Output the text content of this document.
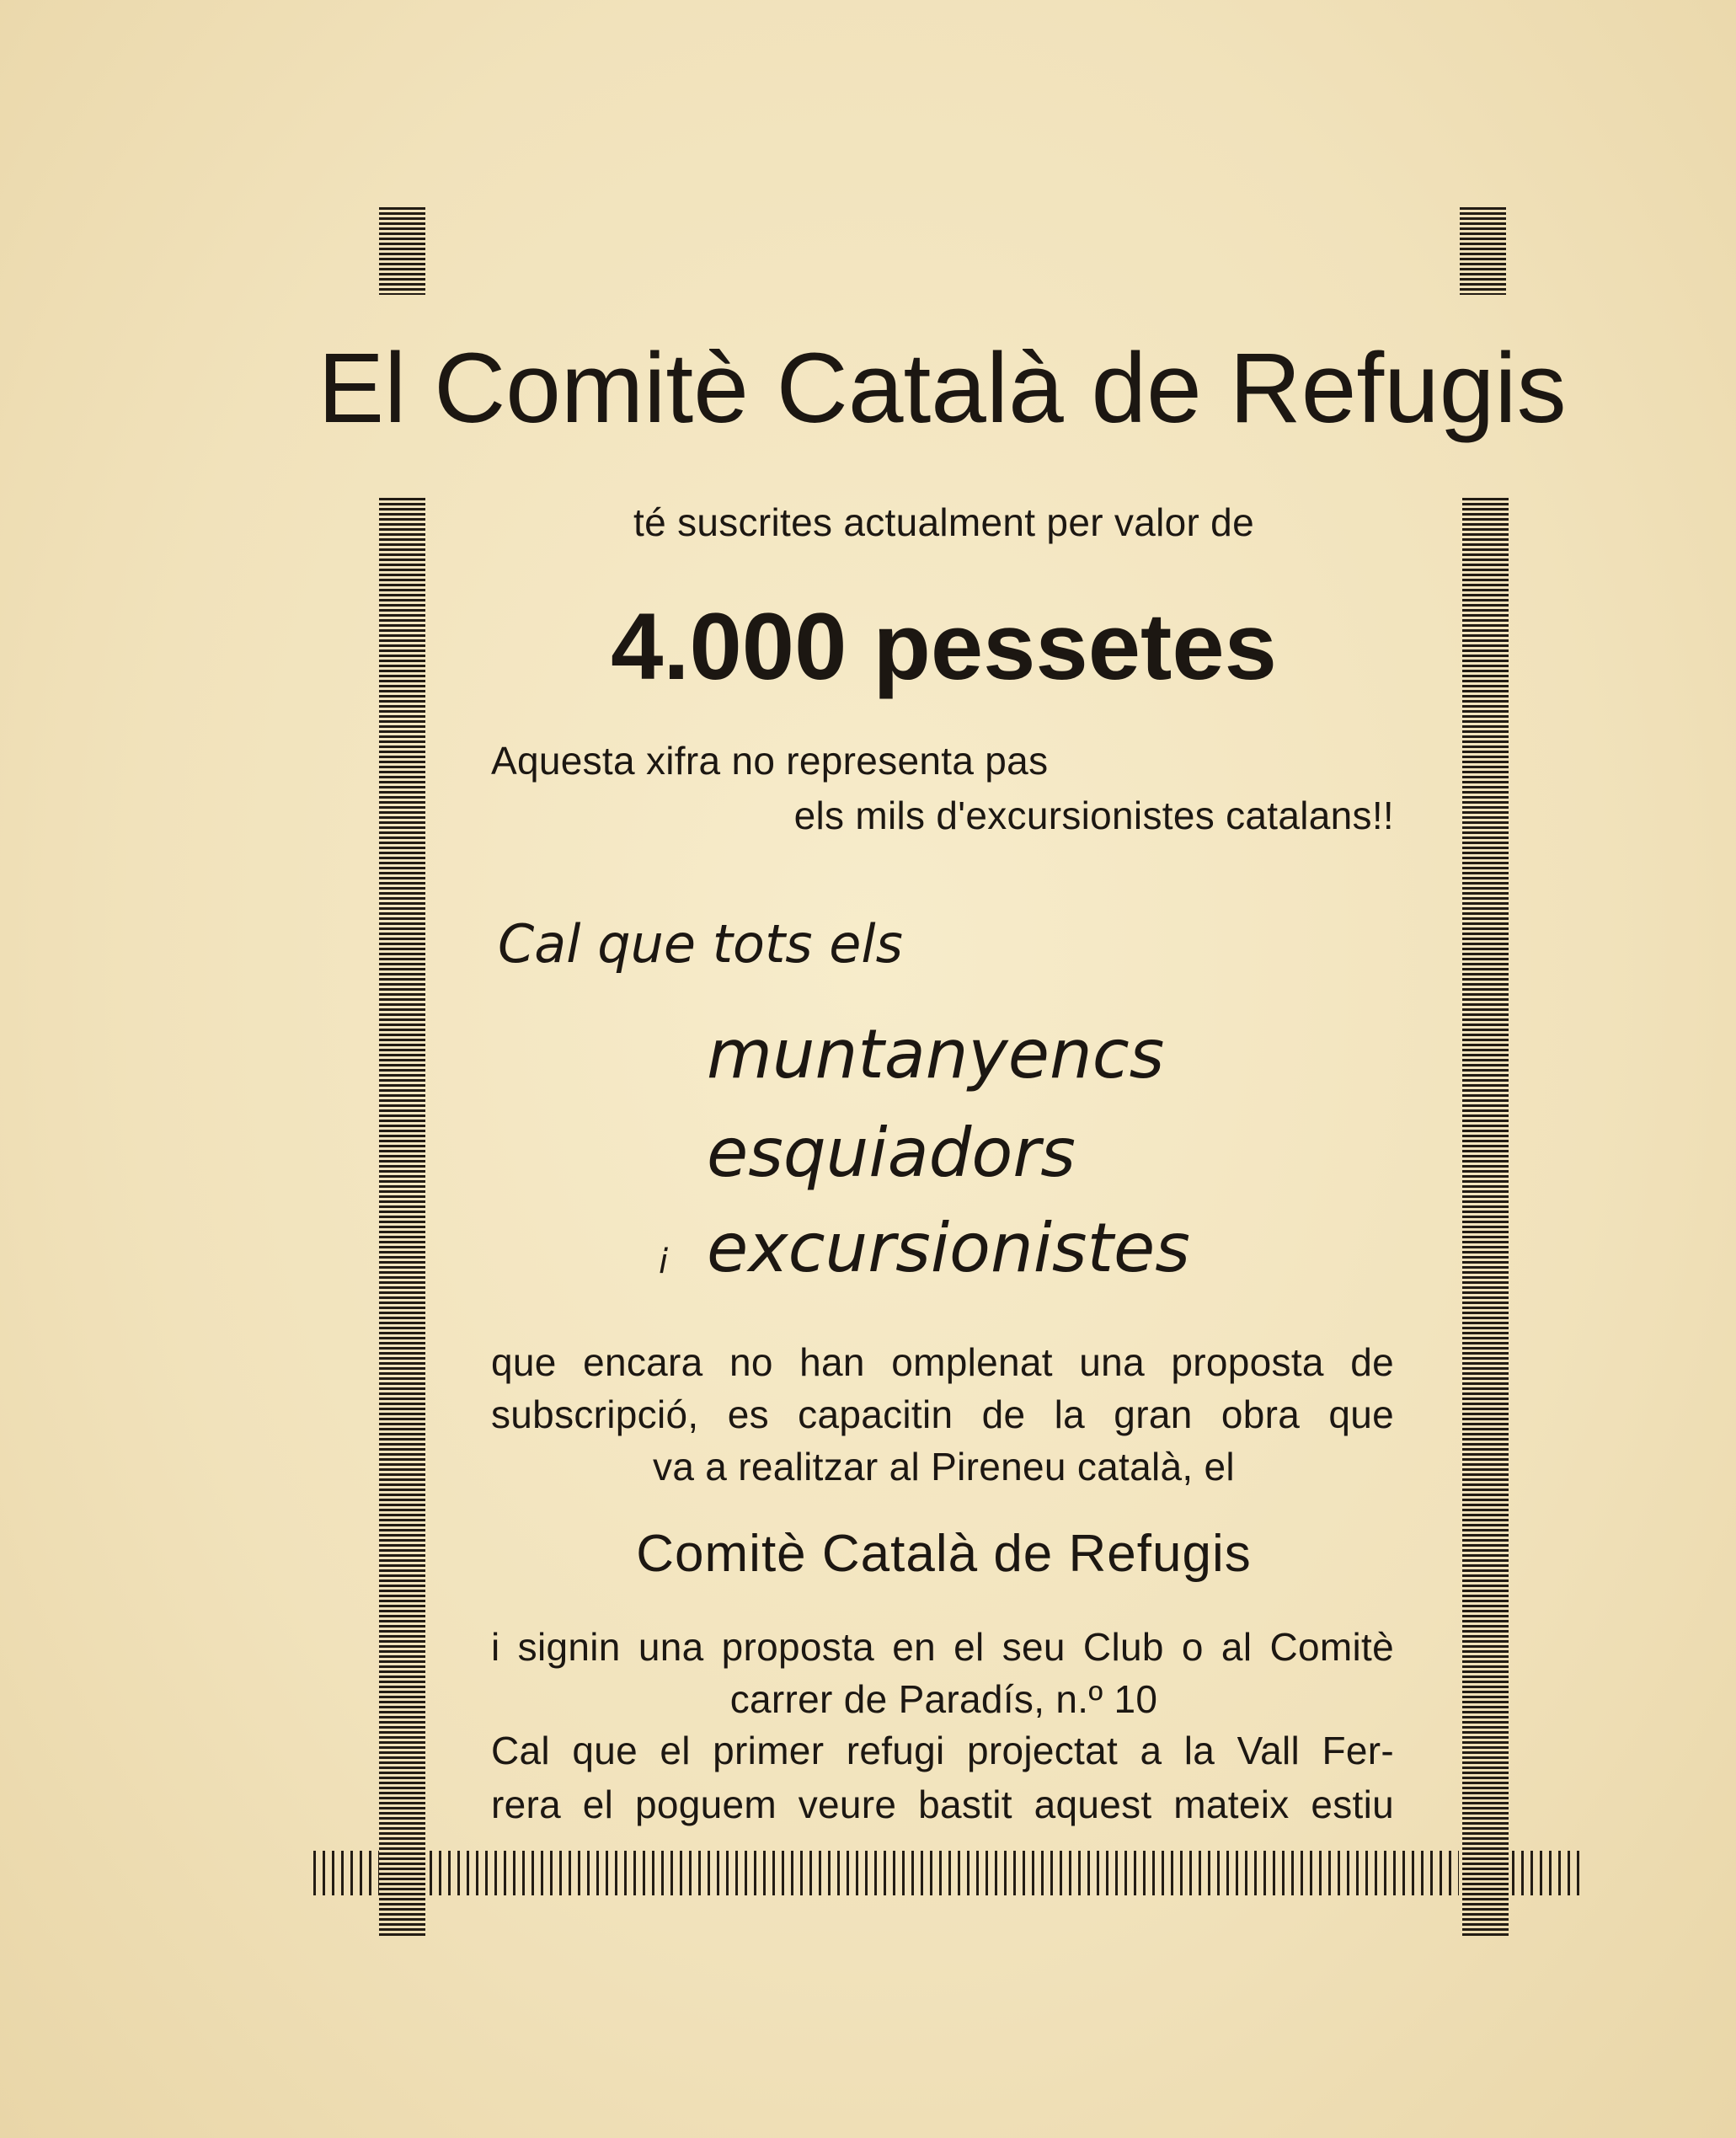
El Comitè Català de Refugis
té suscrites actualment per valor de
4.000 pessetes
Aquesta xifra no representa pas
els mils d'excursionistes catalans!!
Cal que tots els
muntanyencs
esquiadors
i excursionistes
que encara no han omplenat una proposta de
subscripció, es capacitin de la gran obra que
va a realitzar al Pireneu català, el
Comitè Català de Refugis
i signin una proposta en el seu Club o al Comitè
carrer de Paradís, n.º 10
Cal que el primer refugi projectat a la Vall Fer-
rera el poguem veure bastit aquest mateix estiu
